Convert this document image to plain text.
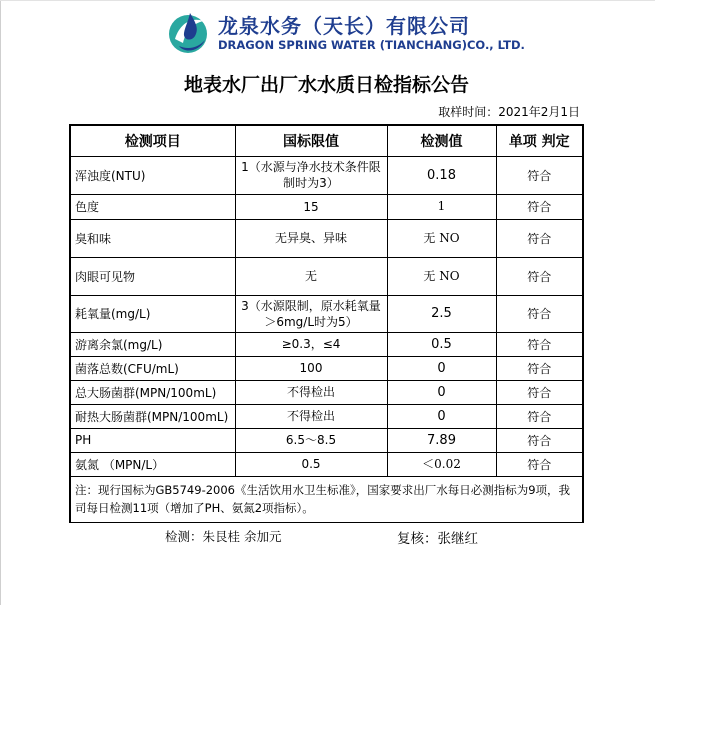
龙泉水务（天长）有限公司
DRAGON SPRING WATER (TIANCHANG)CO., LTD.
地表水厂出厂水水质日检指标公告
取样时间：2021年2月1日
检测项目	国标限值	检测值	单项 判定
浑浊度(NTU)	1（水源与净水技术条件限制时为3）	0.18	符合
色度	15	1	符合
臭和味	无异臭、异味	无 NO	符合
肉眼可见物	无	无 NO	符合
耗氧量(mg/L)	3（水源限制，原水耗氧量＞6mg/L时为5）	2.5	符合
游离余氯(mg/L)	≥0.3，≤4	0.5	符合
菌落总数(CFU/mL)	100	0	符合
总大肠菌群(MPN/100mL)	不得检出	0	符合
耐热大肠菌群(MPN/100mL)	不得检出	0	符合
PH	6.5～8.5	7.89	符合
氨氮 （MPN/L）	0.5	＜0.02	符合
注：现行国标为GB5749-2006《生活饮用水卫生标准》，国家要求出厂水每日必测指标为9项，我司每日检测11项（增加了PH、氨氮2项指标）。			
检测：朱艮桂 余加元	复核：张继红
